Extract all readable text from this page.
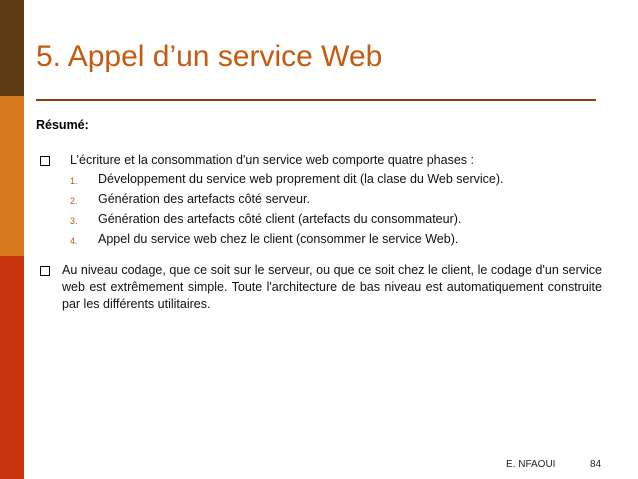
5. Appel d’un service Web
Résumé:
L’écriture et la consommation d'un service web comporte quatre phases :
1.	Développement du service web proprement dit (la clase du Web service).
2.	Génération des artefacts côté serveur.
3.	Génération des artefacts côté client (artefacts du consommateur).
4.	Appel du service web chez le client (consommer le service Web).
Au niveau codage, que ce soit sur le serveur, ou que ce soit chez le client, le codage d'un service web est extrêmement simple. Toute l'architecture de bas niveau est automatiquement construite par les différents utilitaires.
E. NFAOUI	84
